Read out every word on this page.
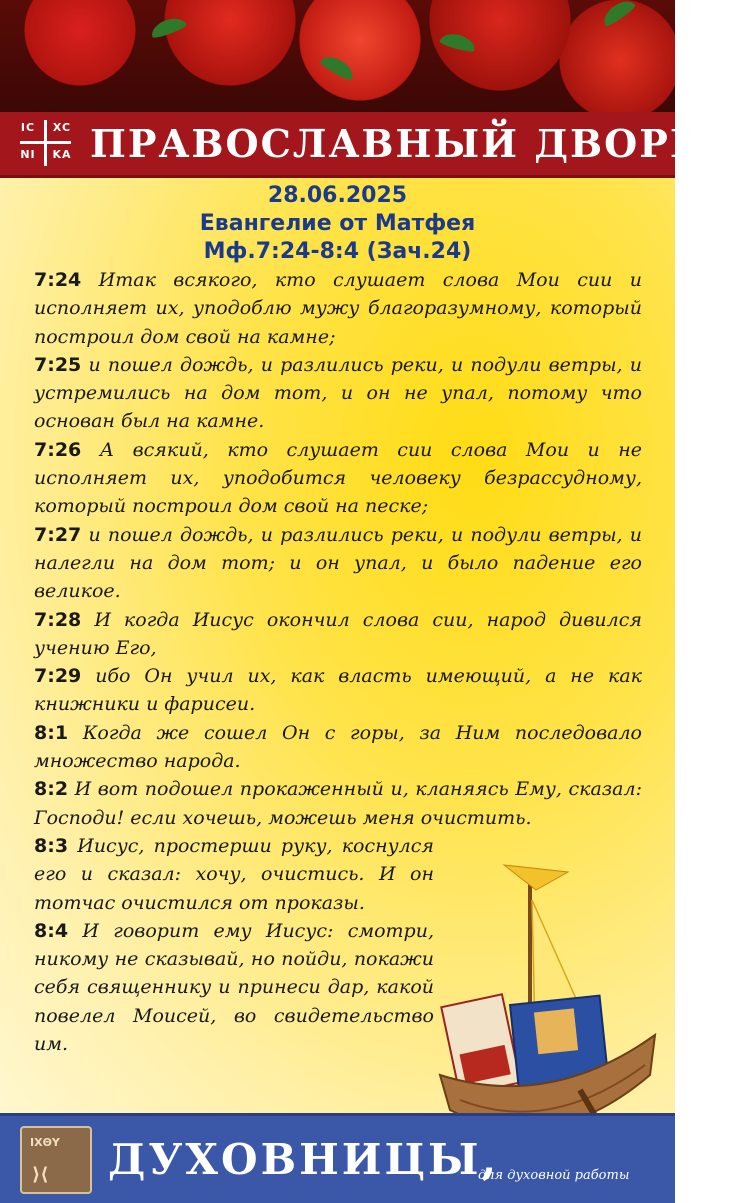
IC	XC
NI	KA ПРАВОСЛАВНЫЙ ДВОРИК
28.06.2025
Евангелие от Матфея
Мф.7:24-8:4 (Зач.24)

7:24 Итак всякого, кто слушает слова Мои сии и исполняет их, уподоблю мужу благоразумному, который построил дом свой на камне;

7:25 и пошел дождь, и разлились реки, и подули ветры, и устремились на дом тот, и он не упал, потому что основан был на камне.

7:26 А всякий, кто слушает сии слова Мои и не исполняет их, уподобится человеку безрассудному, который построил дом свой на песке;

7:27 и пошел дождь, и разлились реки, и подули ветры, и налегли на дом тот; и он упал, и было падение его великое.

7:28 И когда Иисус окончил слова сии, народ дивился учению Его,

7:29 ибо Он учил их, как власть имеющий, а не как книжники и фарисеи.

8:1 Когда же сошел Он с горы, за Ним последовало множество народа.

8:2 И вот подошел прокаженный и, кланяясь Ему, сказал: Господи! если хочешь, можешь меня очистить.

8:3 Иисус, простерши руку, коснулся его и сказал: хочу, очистись. И он тотчас очистился от проказы.

8:4 И говорит ему Иисус: смотри, никому не сказывай, но пойди, покажи себя священнику и принеси дар, какой повелел Моисей, во свидетельство им.

ΙΧΘΥ
⟩⟨ ДУХОВНИЦЫ,
для духовной работы
